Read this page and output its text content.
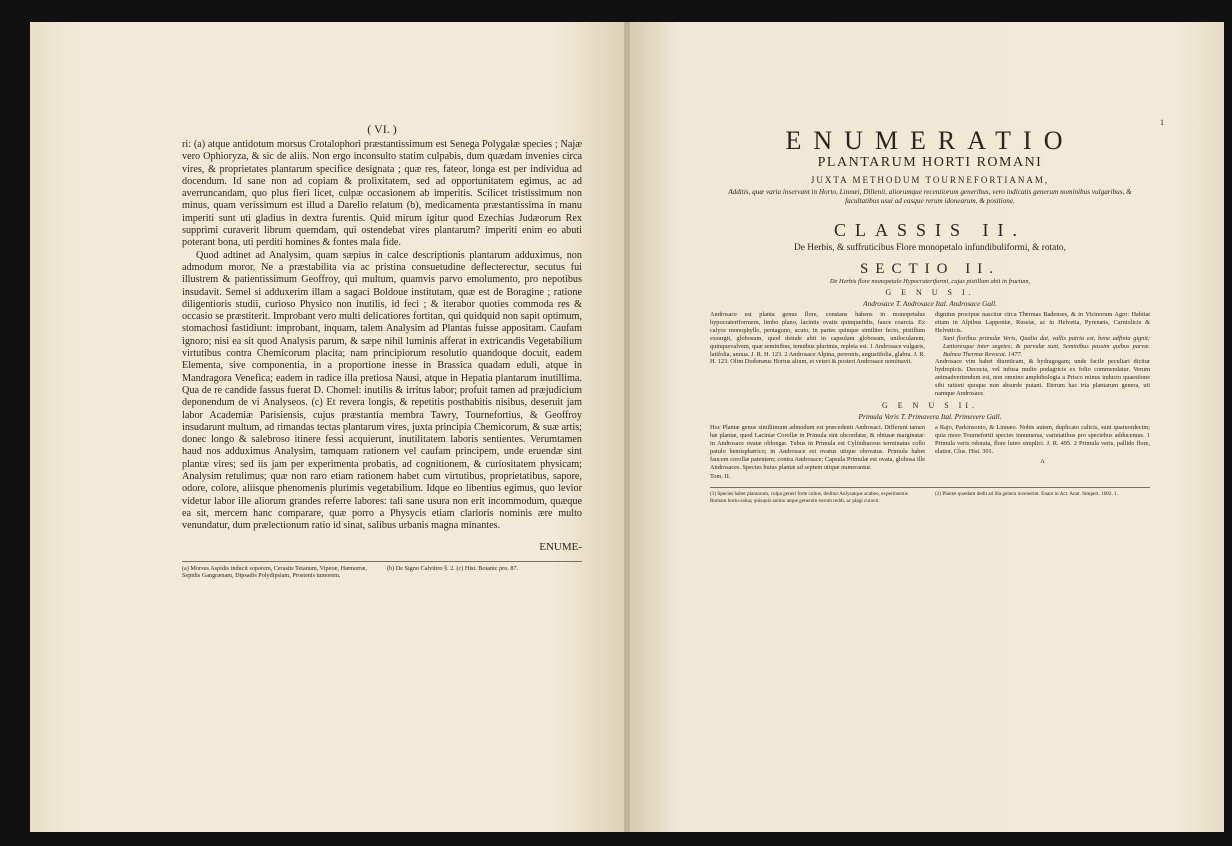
( VI. )

ri: (a) atque antidotum morsus Crotalophori præstantissimum est Senega Polygalæ species ; Najæ vero Ophioryza, & sic de aliis. Non ergo inconsulto statim culpabis, dum quædam invenies circa vires, & proprietates plantarum specifice designata ; quæ res, fateor, longa est per individua ad docendum. Id sane non ad copiam & prolixitatem, sed ad opportunitatem egimus, ac ad averruncandam, quo plus fieri licet, culpæ occasionem ab imperitis. Scilicet tristissimum non minus, quam verissimum est illud a Darelio relatum (b), medicamenta præstantissima in manu imperiti sunt uti gladius in dextra furentis. Quid mirum igitur quod Ezechias Judæorum Rex supprimi curaverit librum quemdam, qui ostendebat vires plantarum? imperiti enim eo abuti poterant bona, uti perditi homines & fontes mala fide.

Quod adtinet ad Analysim, quam sæpius in calce descriptionis plantarum adduximus, non admodum moror. Ne a præstabilita via ac pristina consuetudine deflecterectur, secutus fui illustrem & patientissimum Geoffroy, qui multum, quamvis parvo emolumento, pro nepotibus insudavit. Semel si adduxerim illam a sagaci Boldoue institutam, quæ est de Boragine ; ratione diligentioris studii, curioso Physico non inutilis, id feci ; & iterabor quoties commoda res & occasio se præstiterit. Improbant vero multi delicatiores fortitan, qui quidquid non sapit optimum, stomachosi fastidiunt: improbant, inquam, talem Analysim ad Plantas fuisse appositam. Caufam ignoro; nisi ea sit quod Analysis parum, & sæpe nihil luminis afferat in extricandis Vegetabilium virtutibus contra Chemicorum placita; nam principiorum resolutio quandoque docuit, eadem Elementa, sive componentia, in a proportione inesse in Brassica quadam eduli, atque in Mandragora Venefica; eadem in radice illa pretiosa Nausi, atque in Hepatia plantarum inutillima. Qua de re candide fassus fuerat D. Chomel: inutilis & irritus labor; profuit tamen ad præjudicium deponendum de vi Analyseos. (c) Et revera longis, & repetitis posthabitis nisibus, deseruit jam labor Academiæ Parisiensis, cujus præstantia membra Tawry, Tournefortius, & Geoffroy insudarunt multum, ad rimandas tectas plantarum vires, juxta principia Chemicorum, & suæ artis; donec longo & salebroso itinere fessi acquierunt, inutilitatem laboris sentientes. Verumtamen haud nos adduximus Analysim, tamquam rationem vel caufam principem, unde eruendæ sint plantæ vires; sed iis jam per experimenta probatis, ad cognitionem, & curiositatem physicam; Analysim retulimus; quæ non raro etiam rationem habet cum virtutibus, proprietatibus, sapore, odore, colore, aliisque phenomenis plurimis vegetabilium. Idque eo libentius egimus, quo levior videtur labor ille aliorum grandes referre labores: tali sane usura non erit incommodum, quæque ea sit, mercem hanc comparare, quæ porro a Physycis etiam clarioris nominis ære multo venundatur, dum prælectionum ratio id sinat, salibus urbanis magna minantes.

ENUME-
(a) Morsus Aspidis inducit soporem, Cerastis Tetanum, Viperæ, Hæmorræ, Sepidis Gangrænam, Dipsadis Polydipsiam, Prostenis tumorem.
(b) De Signo Calvitiro §. 2. (c) Hist. Botanic pro. 87.
1
ENUMERATIO
PLANTARUM HORTI ROMANI
JUXTA METHODUM TOURNEFORTIANAM,
Additis, quæ varia inservant in Horto, Linnæi, Dillenii, aliorumque recentiorum generibus, vero indicatis generum nominibus vulgaribus, & facultatibus usui ad easque rerum idonearum, & positione.
CLASSIS II.
De Herbis, & suffruticibus Flore monopetalo infundibuliformi, & rotato,
SECTIO II.
De Herbis flore monopetalo Hypocrateriformi, cujus pistillum abit in fructum,
G E N U S I.
Androsace T. Androsace Ital. Androsace Gall.
Androsace est planta genus flore, constans habens in monopetalus hypocrateriformem, limbo plano, laciniis ovatis quinquefidis, fauce coarcta. Ex calyce monophyllo, pentagono, acuto, in partes quinque similiter fecto, pistillum exsurgit, globosum, quod deinde abit in capsulam globosam, unilocularem, quinquevalvem, quæ seminibus, tenuibus plurimis, repleta est. 1 Androsace vulgaris, latifolia, annua. J. R. H. 123. 2 Androsace Alpina, perennis, angustifolia, glabra. J. R. H. 123. Olim Dodonæus Hortus alium, et veteri & posteri Androsace nominavit.
dignitus procipue nascitur circa Thermas Badenses, & in Vicinorum Agro: Habitat etiam in Alpibus Lapponiæ, Russiæ, ac in Helvetia, Pyrenæis, Carniolicis & Helveticis.
Sunt floribus primulæ Veris, Qualia dat, vallis patria est, bene adfinia gignit; Lætioresque inter segetes; & parvulæ sunt, Seminibus passim quibus parvæ. Balnea Thermæ Revocat. 1477.
Androsace vim habet diureticam, & hydragogam; unde facile peculiari dicitur hydropicis. Decocta, vel infusa multo podagricis ex folio commendatur. Verum animadvertendum est, non omnino amphibologia a Prisco minus inducto quaestione sibi rationi quoque non absurde putant. Eterum hac tria plantarum genera, uti namque Androsace.
G E N U S II.
Primula Veris T. Primavera Ital. Primevere Gall.
Hoc Plantæ genus similiimum admodum est præcedenti Androsaci. Differunt tamen hæ plantæ, quod Laciniæ Corollæ in Primula sint obcordatæ, & obtusæ marginatæ: in Androsace ovatæ oblongæ. Tubus in Primula est Cylindraceus terminatus collo patulo hemisphærico; in Androsace est ovatus utique obovatus. Primula habet faucem corollæ patentem; contra Androsace; Capsula Primulæ est ovata, globosa ille Androsaces. Species huius plantæ ad septem utique numerantur.
Tom. II.
a Rajo, Parkinsonio, & Linnæo. Nobis autem, duplicato calicis, sunt quatuordecim; quia more Tournefortii species innumeras, varietatibus pro speciebus adducemus. 1 Primula veris odorata, flore luteo simplici. J. R. 495. 2 Primula veris, pallido flore, elatior. Clus. Hist. 301.
A
(1) Species habet plantarum, culpa generi forte cultus, deditur Anlysatque acabeo, experimentis Romam hortu-salua; quisquis animo atque generum eorum reddi, ac plagi curavit.
(2) Plantæ quædam dedit ad illa genera invenerint. Enant in Act. Anat. Simpert. 1682. 1.
